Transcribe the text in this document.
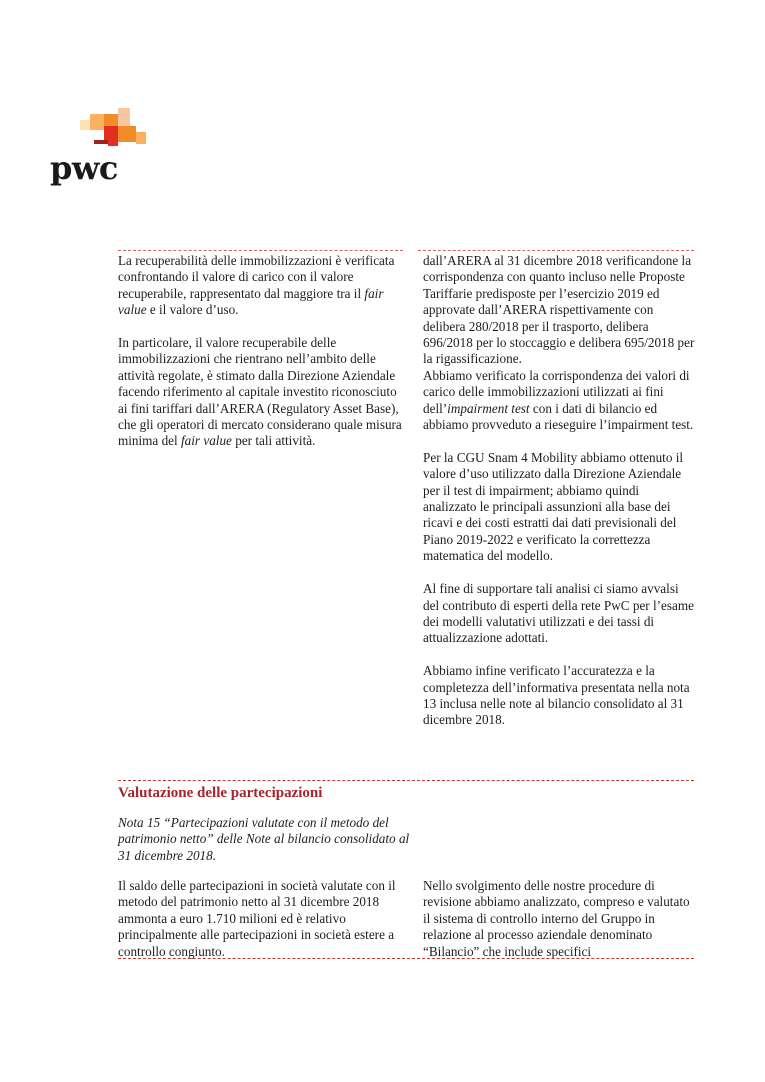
pwc

La recuperabilità delle immobilizzazioni è verificata confrontando il valore di carico con il valore recuperabile, rappresentato dal maggiore tra il fair value e il valore d’uso.

In particolare, il valore recuperabile delle immobilizzazioni che rientrano nell’ambito delle attività regolate, è stimato dalla Direzione Aziendale facendo riferimento al capitale investito riconosciuto ai fini tariffari dall’ARERA (Regulatory Asset Base), che gli operatori di mercato considerano quale misura minima del fair value per tali attività.

dall’ARERA al 31 dicembre 2018 verificandone la corrispondenza con quanto incluso nelle Proposte Tariffarie predisposte per l’esercizio 2019 ed approvate dall’ARERA rispettivamente con delibera 280/2018 per il trasporto, delibera 696/2018 per lo stoccaggio e delibera 695/2018 per la rigassificazione.

Abbiamo verificato la corrispondenza dei valori di carico delle immobilizzazioni utilizzati ai fini dell’impairment test con i dati di bilancio ed abbiamo provveduto a rieseguire l’impairment test.

Per la CGU Snam 4 Mobility abbiamo ottenuto il valore d’uso utilizzato dalla Direzione Aziendale per il test di impairment; abbiamo quindi analizzato le principali assunzioni alla base dei ricavi e dei costi estratti dai dati previsionali del Piano 2019-2022 e verificato la correttezza matematica del modello.

Al fine di supportare tali analisi ci siamo avvalsi del contributo di esperti della rete PwC per l’esame dei modelli valutativi utilizzati e dei tassi di attualizzazione adottati.

Abbiamo infine verificato l’accuratezza e la completezza dell’informativa presentata nella nota 13 inclusa nelle note al bilancio consolidato al 31 dicembre 2018.

Valutazione delle partecipazioni

Nota 15 “Partecipazioni valutate con il metodo del patrimonio netto” delle Note al bilancio consolidato al 31 dicembre 2018.

Il saldo delle partecipazioni in società valutate con il metodo del patrimonio netto al 31 dicembre 2018 ammonta a euro 1.710 milioni ed è relativo principalmente alle partecipazioni in società estere a controllo congiunto.

Nello svolgimento delle nostre procedure di revisione abbiamo analizzato, compreso e valutato il sistema di controllo interno del Gruppo in relazione al processo aziendale denominato “Bilancio” che include specifici
